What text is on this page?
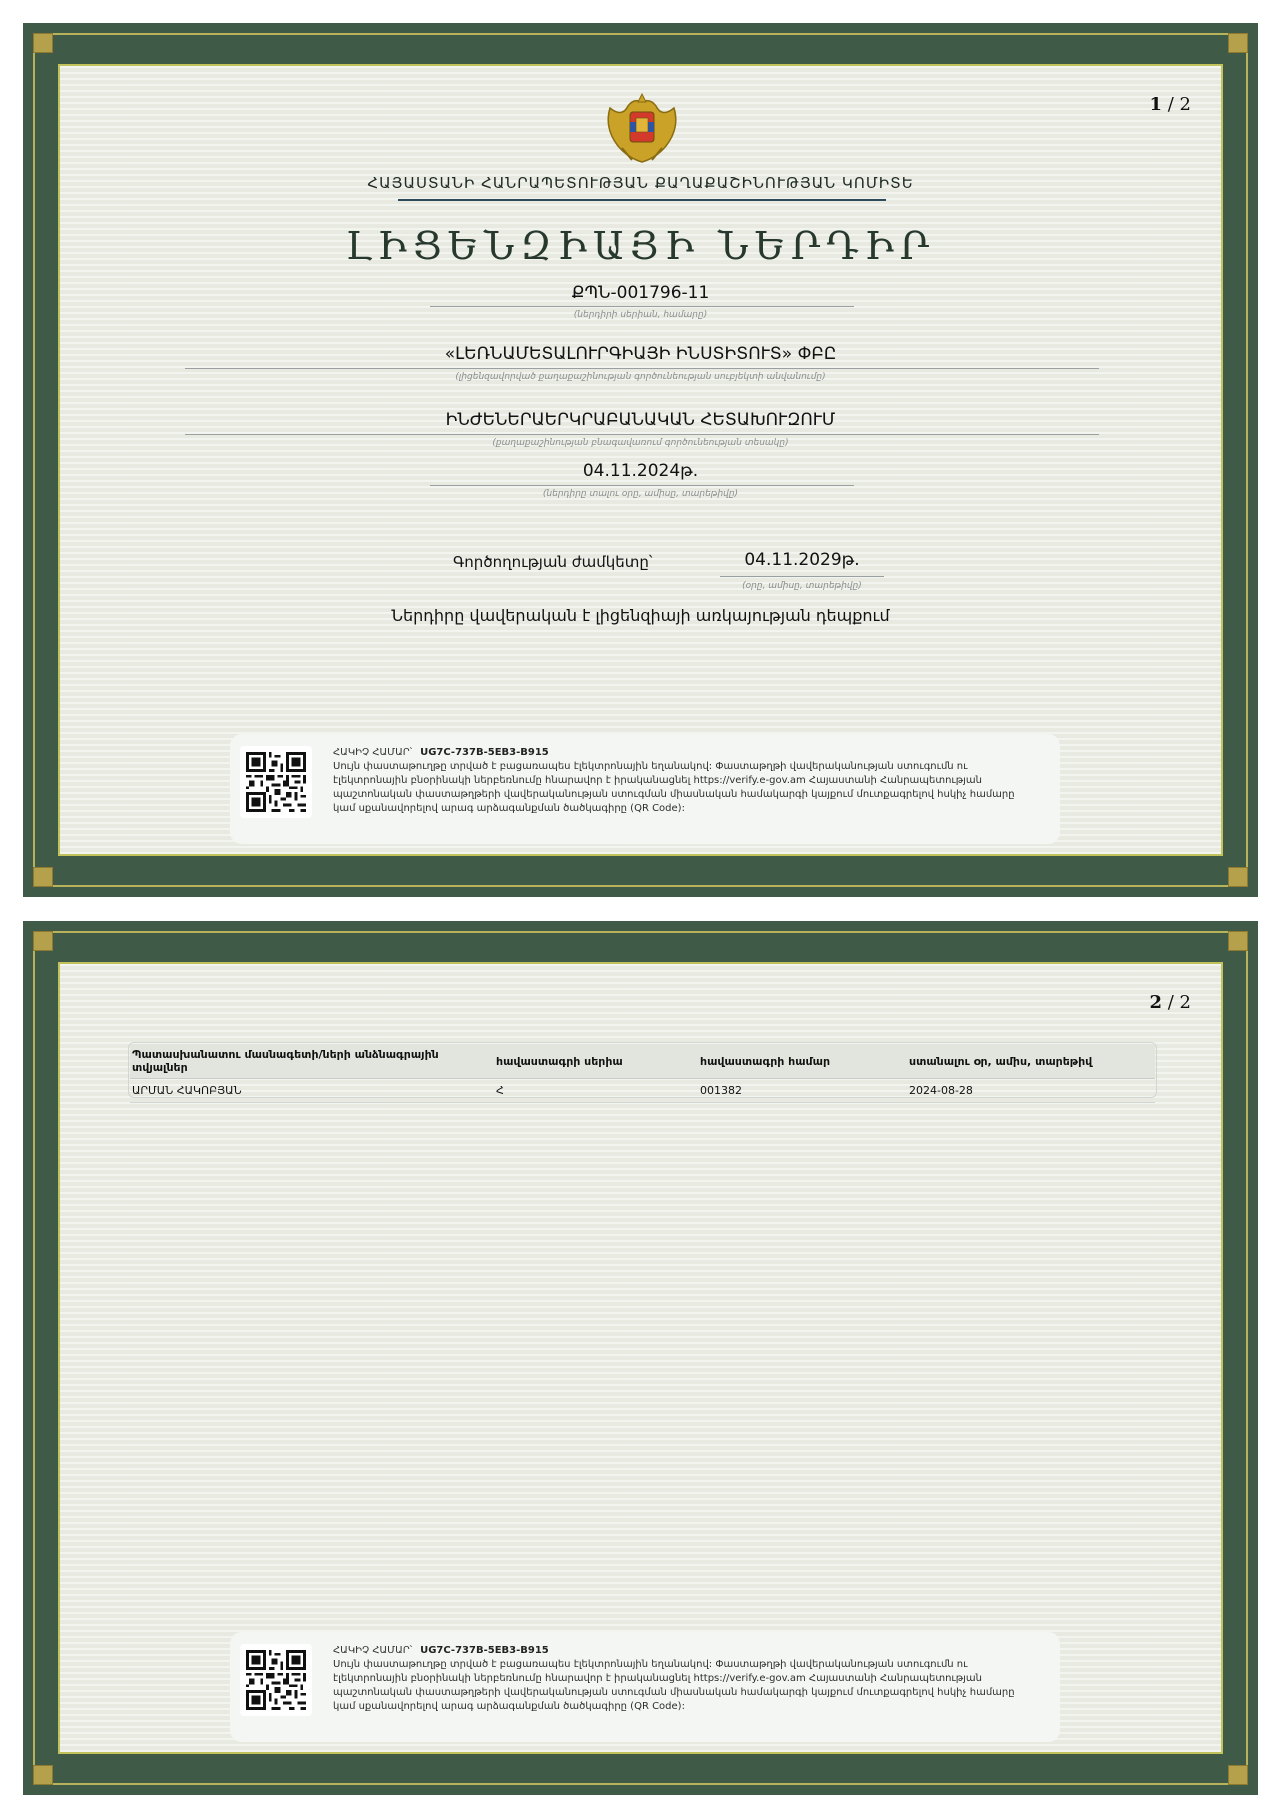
1 / 2
ՀԱՅԱՍՏԱՆԻ ՀԱՆՐԱՊԵՏՈՒԹՅԱՆ ՔԱՂԱՔԱՇԻՆՈՒԹՅԱՆ ԿՈՄԻՏԵ
ԼԻՑԵՆԶԻԱՅԻ ՆԵՐԴԻՐ
ՔՊՆ-001796-11
(ներդիրի սերիան, համարը)
«ԼԵՌՆԱՄԵՏԱԼՈՒՐԳԻԱՅԻ ԻՆՍՏԻՏՈՒՏ» ՓԲԸ
(լիցենզավորված քաղաքաշինության գործունեության սուբյեկտի անվանումը)
ԻՆԺԵՆԵՐԱԵՐԿՐԱԲԱՆԱԿԱՆ ՀԵՏԱԽՈՒԶՈՒՄ
(քաղաքաշինության բնագավառում գործունեության տեսակը)
04.11.2024թ.
(ներդիրը տալու օրը, ամիսը, տարեթիվը)
Գործողության ժամկետը՝	04.11.2029թ.
(օրը, ամիսը, տարեթիվը)
Ներդիրը վավերական է լիցենզիայի առկայության դեպքում
ՀԱԿԻՉ ՀԱՄԱՐ՝ UG7C-737B-5EB3-B915
Սույն փաստաթուղթը տրված է բացառապես էլեկտրոնային եղանակով: Փաստաթղթի վավերականության ստուգումն ու էլեկտրոնային բնօրինակի ներբեռնումը հնարավոր է իրականացնել https://verify.e-gov.am Հայաստանի Հանրապետության պաշտոնական փաստաթղթերի վավերականության ստուգման միասնական համակարգի կայքում մուտքագրելով հսկիչ համարը կամ սքանավորելով արագ արձագանքման ծածկագիրը (QR Code):
2 / 2
Պատասխանատու մասնագետի/ների անձնագրային տվյալներ	հավաստագրի սերիա	հավաստագրի համար	ստանալու օր, ամիս, տարեթիվ
ԱՐՄԱՆ ՀԱԿՈԲՅԱՆ	Հ	001382	2024-08-28
ՀԱԿԻՉ ՀԱՄԱՐ՝ UG7C-737B-5EB3-B915
Սույն փաստաթուղթը տրված է բացառապես էլեկտրոնային եղանակով: Փաստաթղթի վավերականության ստուգումն ու էլեկտրոնային բնօրինակի ներբեռնումը հնարավոր է իրականացնել https://verify.e-gov.am Հայաստանի Հանրապետության պաշտոնական փաստաթղթերի վավերականության ստուգման միասնական համակարգի կայքում մուտքագրելով հսկիչ համարը կամ սքանավորելով արագ արձագանքման ծածկագիրը (QR Code):
